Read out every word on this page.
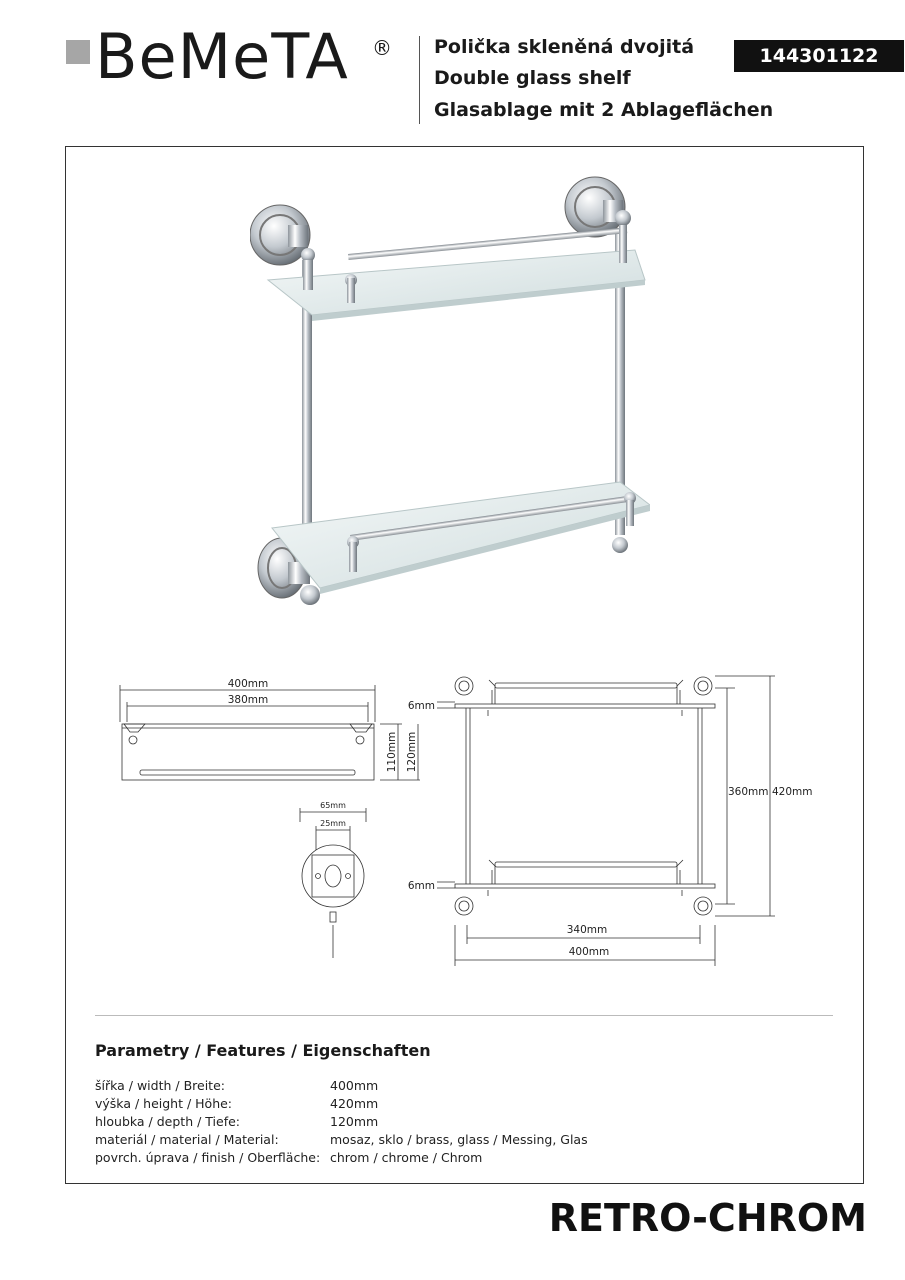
BeMeTA ® Polička skleněná dvojitá
Double glass shelf
Glasablage mit 2 Ablageflächen
144301122
400mm
380mm
110mm 120mm
6mm
6mm
360mm 420mm
340mm
400mm
65mm
25mm
Parametry / Features / Eigenschaften
šířka / width / Breite:	400mm
výška / height / Höhe:	420mm
hloubka / depth / Tiefe:	120mm
materiál / material / Material:	mosaz, sklo / brass, glass / Messing, Glas
povrch. úprava / finish / Oberfläche: chrom / chrome / Chrom
RETRO-CHROM
